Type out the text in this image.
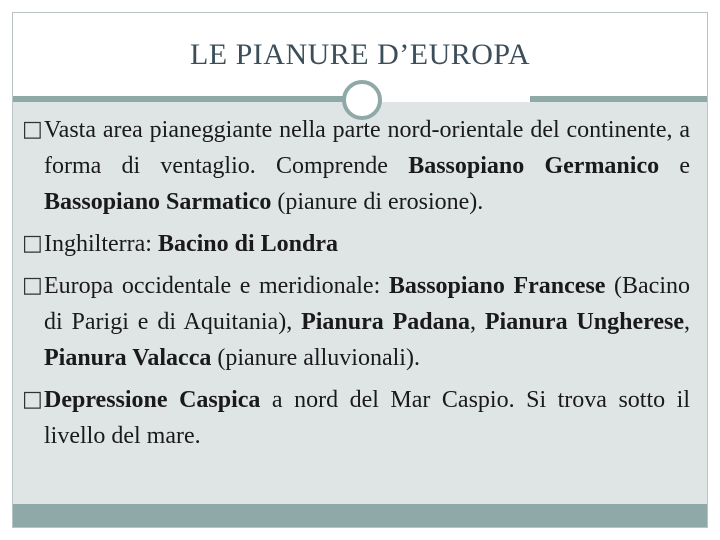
LE PIANURE D’EUROPA
□ Vasta area pianeggiante nella parte nord-orientale del continente, a forma di ventaglio. Comprende Bassopiano Germanico e Bassopiano Sarmatico (pianure di erosione).
□ Inghilterra: Bacino di Londra
□ Europa occidentale e meridionale: Bassopiano Francese (Bacino di Parigi e di Aquitania), Pianura Padana, Pianura Ungherese, Pianura Valacca (pianure alluvionali).
□ Depressione Caspica a nord del Mar Caspio. Si trova sotto il livello del mare.
